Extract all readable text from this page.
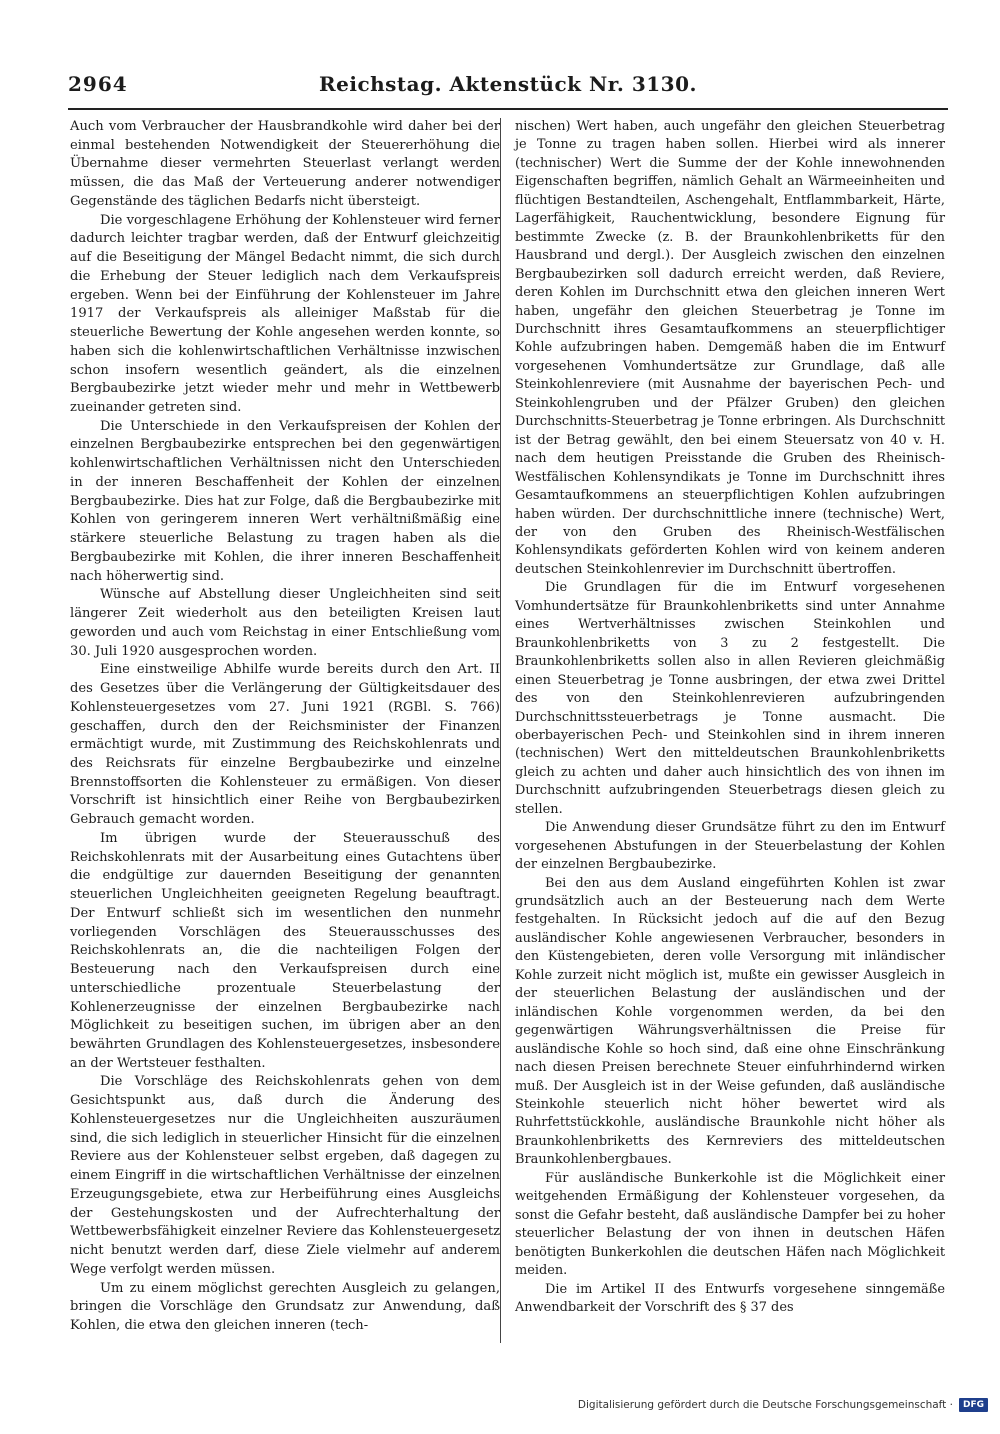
2964	Reichstag. Aktenstück Nr. 3130.

Auch vom Verbraucher der Hausbrandkohle wird daher bei der einmal bestehenden Notwendigkeit der Steuererhöhung die Übernahme dieser vermehrten Steuerlast verlangt werden müssen, die das Maß der Verteuerung anderer notwendiger Gegenstände des täglichen Bedarfs nicht übersteigt.

Die vorgeschlagene Erhöhung der Kohlensteuer wird ferner dadurch leichter tragbar werden, daß der Entwurf gleichzeitig auf die Beseitigung der Mängel Bedacht nimmt, die sich durch die Erhebung der Steuer lediglich nach dem Verkaufspreis ergeben. Wenn bei der Einführung der Kohlensteuer im Jahre 1917 der Verkaufspreis als alleiniger Maßstab für die steuerliche Bewertung der Kohle angesehen werden konnte, so haben sich die kohlenwirtschaftlichen Verhältnisse inzwischen schon insofern wesentlich geändert, als die einzelnen Bergbaubezirke jetzt wieder mehr und mehr in Wettbewerb zueinander getreten sind.

Die Unterschiede in den Verkaufspreisen der Kohlen der einzelnen Bergbaubezirke entsprechen bei den gegenwärtigen kohlenwirtschaftlichen Verhältnissen nicht den Unterschieden in der inneren Beschaffenheit der Kohlen der einzelnen Bergbaubezirke. Dies hat zur Folge, daß die Bergbaubezirke mit Kohlen von geringerem inneren Wert verhältnißmäßig eine stärkere steuerliche Belastung zu tragen haben als die Bergbaubezirke mit Kohlen, die ihrer inneren Beschaffenheit nach höherwertig sind.

Wünsche auf Abstellung dieser Ungleichheiten sind seit längerer Zeit wiederholt aus den beteiligten Kreisen laut geworden und auch vom Reichstag in einer Entschließung vom 30. Juli 1920 ausgesprochen worden.

Eine einstweilige Abhilfe wurde bereits durch den Art. II des Gesetzes über die Verlängerung der Gültigkeitsdauer des Kohlensteuergesetzes vom 27. Juni 1921 (RGBl. S. 766) geschaffen, durch den der Reichsminister der Finanzen ermächtigt wurde, mit Zustimmung des Reichskohlenrats und des Reichsrats für einzelne Bergbaubezirke und einzelne Brennstoffsorten die Kohlensteuer zu ermäßigen. Von dieser Vorschrift ist hinsichtlich einer Reihe von Bergbaubezirken Gebrauch gemacht worden.

Im übrigen wurde der Steuerausschuß des Reichskohlenrats mit der Ausarbeitung eines Gutachtens über die endgültige zur dauernden Beseitigung der genannten steuerlichen Ungleichheiten geeigneten Regelung beauftragt. Der Entwurf schließt sich im wesentlichen den nunmehr vorliegenden Vorschlägen des Steuerausschusses des Reichskohlenrats an, die die nachteiligen Folgen der Besteuerung nach den Verkaufspreisen durch eine unterschiedliche prozentuale Steuerbelastung der Kohlenerzeugnisse der einzelnen Bergbaubezirke nach Möglichkeit zu beseitigen suchen, im übrigen aber an den bewährten Grundlagen des Kohlensteuergesetzes, insbesondere an der Wertsteuer festhalten.

Die Vorschläge des Reichskohlenrats gehen von dem Gesichtspunkt aus, daß durch die Änderung des Kohlensteuergesetzes nur die Ungleichheiten auszuräumen sind, die sich lediglich in steuerlicher Hinsicht für die einzelnen Reviere aus der Kohlensteuer selbst ergeben, daß dagegen zu einem Eingriff in die wirtschaftlichen Verhältnisse der einzelnen Erzeugungsgebiete, etwa zur Herbeiführung eines Ausgleichs der Gestehungskosten und der Aufrechterhaltung der Wettbewerbsfähigkeit einzelner Reviere das Kohlensteuergesetz nicht benutzt werden darf, diese Ziele vielmehr auf anderem Wege verfolgt werden müssen.

Um zu einem möglichst gerechten Ausgleich zu gelangen, bringen die Vorschläge den Grundsatz zur Anwendung, daß Kohlen, die etwa den gleichen inneren (tech-

nischen) Wert haben, auch ungefähr den gleichen Steuerbetrag je Tonne zu tragen haben sollen. Hierbei wird als innerer (technischer) Wert die Summe der der Kohle innewohnenden Eigenschaften begriffen, nämlich Gehalt an Wärmeeinheiten und flüchtigen Bestandteilen, Aschengehalt, Entflammbarkeit, Härte, Lagerfähigkeit, Rauchentwicklung, besondere Eignung für bestimmte Zwecke (z. B. der Braunkohlenbriketts für den Hausbrand und dergl.). Der Ausgleich zwischen den einzelnen Bergbaubezirken soll dadurch erreicht werden, daß Reviere, deren Kohlen im Durchschnitt etwa den gleichen inneren Wert haben, ungefähr den gleichen Steuerbetrag je Tonne im Durchschnitt ihres Gesamtaufkommens an steuerpflichtiger Kohle aufzubringen haben. Demgemäß haben die im Entwurf vorgesehenen Vomhundertsätze zur Grundlage, daß alle Steinkohlenreviere (mit Ausnahme der bayerischen Pech- und Steinkohlengruben und der Pfälzer Gruben) den gleichen Durchschnitts-Steuerbetrag je Tonne erbringen. Als Durchschnitt ist der Betrag gewählt, den bei einem Steuersatz von 40 v. H. nach dem heutigen Preisstande die Gruben des Rheinisch-Westfälischen Kohlensyndikats je Tonne im Durchschnitt ihres Gesamtaufkommens an steuerpflichtigen Kohlen aufzubringen haben würden. Der durchschnittliche innere (technische) Wert, der von den Gruben des Rheinisch-Westfälischen Kohlensyndikats geförderten Kohlen wird von keinem anderen deutschen Steinkohlenrevier im Durchschnitt übertroffen.

Die Grundlagen für die im Entwurf vorgesehenen Vomhundertsätze für Braunkohlenbriketts sind unter Annahme eines Wertverhältnisses zwischen Steinkohlen und Braunkohlenbriketts von 3 zu 2 festgestellt. Die Braunkohlenbriketts sollen also in allen Revieren gleichmäßig einen Steuerbetrag je Tonne ausbringen, der etwa zwei Drittel des von den Steinkohlenrevieren aufzubringenden Durchschnittssteuerbetrags je Tonne ausmacht. Die oberbayerischen Pech- und Steinkohlen sind in ihrem inneren (technischen) Wert den mitteldeutschen Braunkohlenbriketts gleich zu achten und daher auch hinsichtlich des von ihnen im Durchschnitt aufzubringenden Steuerbetrags diesen gleich zu stellen.

Die Anwendung dieser Grundsätze führt zu den im Entwurf vorgesehenen Abstufungen in der Steuerbelastung der Kohlen der einzelnen Bergbaubezirke.

Bei den aus dem Ausland eingeführten Kohlen ist zwar grundsätzlich auch an der Besteuerung nach dem Werte festgehalten. In Rücksicht jedoch auf die auf den Bezug ausländischer Kohle angewiesenen Verbraucher, besonders in den Küstengebieten, deren volle Versorgung mit inländischer Kohle zurzeit nicht möglich ist, mußte ein gewisser Ausgleich in der steuerlichen Belastung der ausländischen und der inländischen Kohle vorgenommen werden, da bei den gegenwärtigen Währungsverhältnissen die Preise für ausländische Kohle so hoch sind, daß eine ohne Einschränkung nach diesen Preisen berechnete Steuer einfuhrhindernd wirken muß. Der Ausgleich ist in der Weise gefunden, daß ausländische Steinkohle steuerlich nicht höher bewertet wird als Ruhrfettstückkohle, ausländische Braunkohle nicht höher als Braunkohlenbriketts des Kernreviers des mitteldeutschen Braunkohlenbergbaues.

Für ausländische Bunkerkohle ist die Möglichkeit einer weitgehenden Ermäßigung der Kohlensteuer vorgesehen, da sonst die Gefahr besteht, daß ausländische Dampfer bei zu hoher steuerlicher Belastung der von ihnen in deutschen Häfen benötigten Bunkerkohlen die deutschen Häfen nach Möglichkeit meiden.

Die im Artikel II des Entwurfs vorgesehene sinngemäße Anwendbarkeit der Vorschrift des § 37 des

Digitalisierung gefördert durch die Deutsche Forschungsgemeinschaft ·	DFG
